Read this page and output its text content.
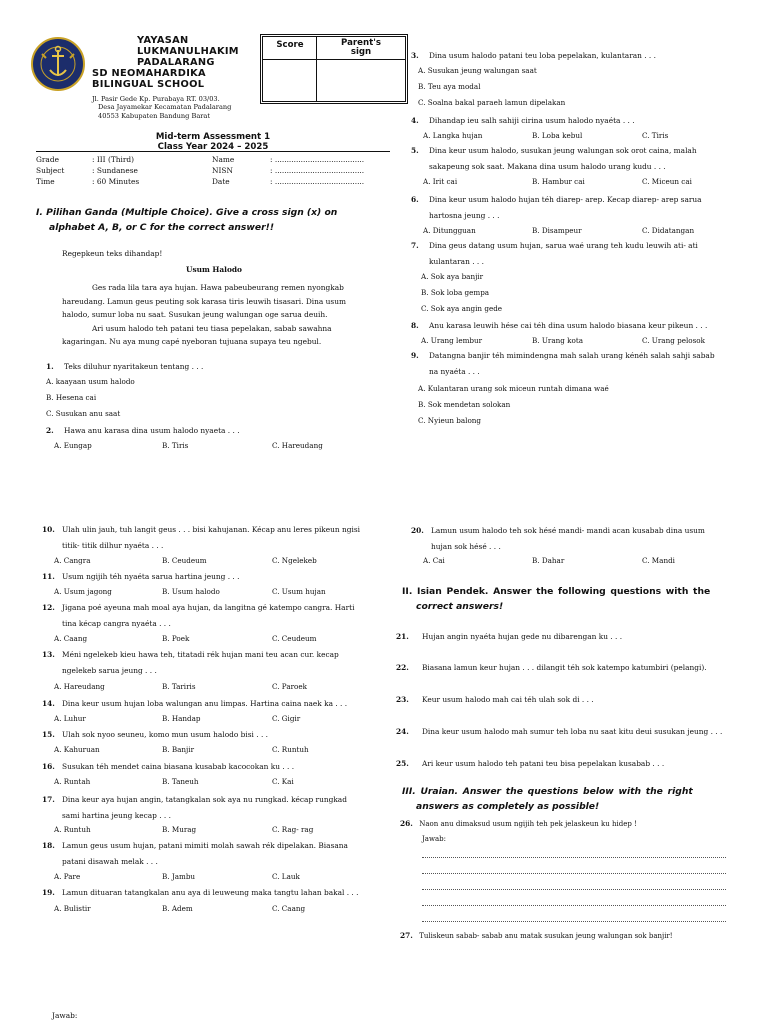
YAYASAN
LUKMANULHAKIM
PADALARANG
SD NEOMAHARDIKA
BILINGUAL SCHOOL
Jl. Pasir Gede Kp. Purabaya RT. 03/03.
Desa Jayamekar Kecamatan Padalarang
40553 Kabupaten Bandung Barat
Score	Parent's
sign
Mid-term Assessment 1
Class Year 2024 – 2025
Grade	: III (Third)	Name	: ......................................
Subject	: Sundanese	NISN	: ......................................
Time	: 60 Minutes	Date	: ......................................
I. Pilihan Ganda (Multiple Choice). Give a cross sign (x) on
alphabet A, B, or C for the correct answer!!
Regepkeun teks dihandap!
Usum Halodo
Ges rada lila tara aya hujan. Hawa pabeubeurang remen nyongkab
hareudang. Lamun geus peuting sok karasa tiris leuwih tisasari. Dina usum
halodo, sumur loba nu saat. Susukan jeung walungan oge sarua deuih.
Ari usum halodo teh patani teu tiasa pepelakan, sabab sawahna
kagaringan. Nu aya mung capé nyeboran tujuana supaya teu ngebul.
1. Teks diluhur nyaritakeun tentang . . .
A. kaayaan usum halodo
B. Hesena cai
C. Susukan anu saat
2. Hawa anu karasa dina usum halodo nyaeta . . .
A. Eungap	B. Tiris	C. Hareudang
3. Dina usum halodo patani teu loba pepelakan, kulantaran . . .
A. Susukan jeung walungan saat
B. Teu aya modal
C. Soalna bakal paraeh lamun dipelakan
4. Dihandap ieu salh sahiji cirina usum halodo nyaéta . . .
A. Langka hujan	B. Loba kebul	C. Tiris
5. Dina keur usum halodo, susukan jeung walungan sok orot caina, malah
sakapeung sok saat. Makana dina usum halodo urang kudu . . .
A. Irit cai	B. Hambur cai	C. Miceun cai
6. Dina keur usum halodo hujan téh diarep- arep. Kecap diarep- arep sarua
hartosna jeung . . .
A. Ditungguan	B. Disampeur	C. Didatangan
7. Dina geus datang usum hujan, sarua waé urang teh kudu leuwih ati- ati
kulantaran . . .
A. Sok aya banjir
B. Sok loba gempa
C. Sok aya angin gede
8. Anu karasa leuwih hése cai téh dina usum halodo biasana keur pikeun . . .
A. Urang lembur	B. Urang kota	C. Urang pelosok
9. Datangna banjir téh mimindengna mah salah urang kénéh salah sahji sabab
na nyaéta . . .
A. Kulantaran urang sok miceun runtah dimana waé
B. Sok mendetan solokan
C. Nyieun balong
10. Ulah ulin jauh, tuh langit geus . . . bisi kahujanan. Kécap anu leres pikeun ngisi
titik- titik dilhur nyaéta . . .
A. Cangra	B. Ceudeum	C. Ngelekeb
11. Usum ngijih téh nyaéta sarua hartina jeung . . .
A. Usum jagong	B. Usum halodo	C. Usum hujan
12. Jigana poé ayeuna mah moal aya hujan, da langitna gé katempo cangra. Harti
tina kécap cangra nyaéta . . .
A. Caang	B. Poek	C. Ceudeum
13. Méni ngelekeb kieu hawa teh, titatadi rék hujan mani teu acan cur. kecap
ngelekeb sarua jeung . . .
A. Hareudang	B. Tariris	C. Paroek
14. Dina keur usum hujan loba walungan anu limpas. Hartina caina naek ka . . .
A. Luhur	B. Handap	C. Gigir
15. Ulah sok nyoo seuneu, komo mun usum halodo bisi . . .
A. Kahuruan	B. Banjir	C. Runtuh
16. Susukan téh mendet caina biasana kusabab kacocokan ku . . .
A. Runtah	B. Taneuh	C. Kai
17. Dina keur aya hujan angin, tatangkalan sok aya nu rungkad. kécap rungkad
sami hartina jeung kecap . . .
A. Runtuh	B. Murag	C. Rag- rag
18. Lamun geus usum hujan, patani mimiti molah sawah rék dipelakan. Biasana
patani disawah melak . . .
A. Pare	B. Jambu	C. Lauk
19. Lamun dituaran tatangkalan anu aya di leuweung maka tangtu lahan bakal . . .
A. Bulistir	B. Adem	C. Caang
20. Lamun usum halodo teh sok hésé mandi- mandi acan kusabab dina usum
hujan sok hésé . . .
A. Cai	B. Dahar	C. Mandi
II. Isian Pendek. Answer the following questions with the
correct answers!
21. Hujan angin nyaéta hujan gede nu dibarengan ku . . .
22. Biasana lamun keur hujan . . . dilangit téh sok katempo katumbiri (pelangi).
23. Keur usum halodo mah cai téh ulah sok di . . .
24. Dina keur usum halodo mah sumur teh loba nu saat kitu deui susukan jeung . . .
25. Ari keur usum halodo teh patani teu bisa pepelakan kusabab . . .
III. Uraian. Answer the questions below with the right
answers as completely as possible!
26. Naon anu dimaksud usum ngijih teh pek jelaskeun ku hidep !
Jawab:
27. Tuliskeun sabab- sabab anu matak susukan jeung walungan sok banjir!
Jawab:
